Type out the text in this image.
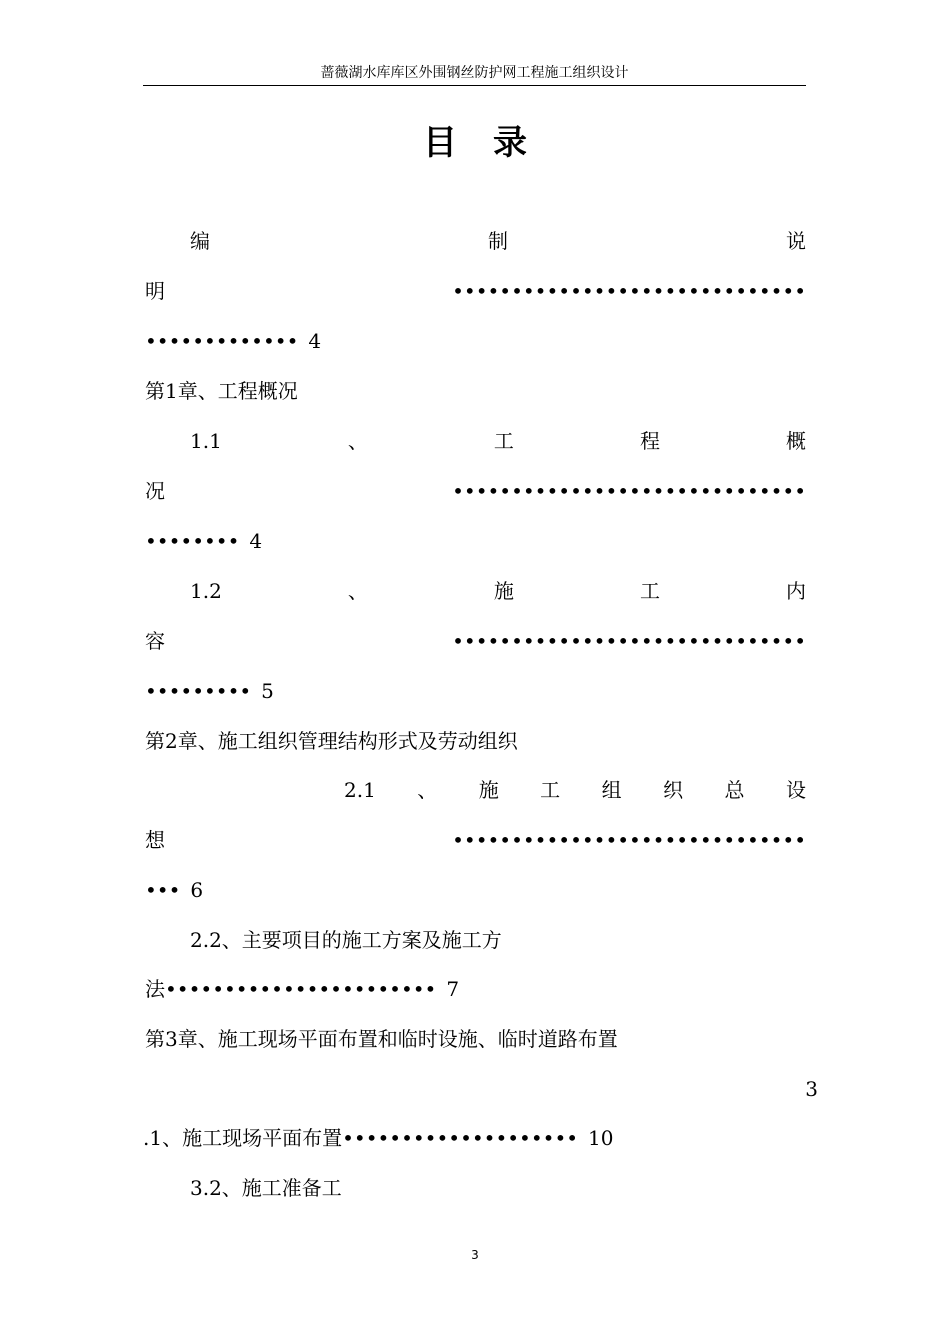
蔷薇湖水库库区外围钢丝防护网工程施工组织设计
目录
编	制	说
明	••••••••••••••••••••••••••••••
••••••••••••• 4
第1章、工程概况
1.1	、	工	程	概
况	••••••••••••••••••••••••••••••
•••••••• 4
1.2	、	施	工	内
容	••••••••••••••••••••••••••••••
••••••••• 5
第2章、施工组织管理结构形式及劳动组织
2.1 、 施 工 组 织 总 设
想	••••••••••••••••••••••••••••••
••• 6
2.2、主要项目的施工方案及施工方
法••••••••••••••••••••••• 7
第3章、施工现场平面布置和临时设施、临时道路布置
3
.1、施工现场平面布置•••••••••••••••••••• 10
3.2、施工准备工
3
